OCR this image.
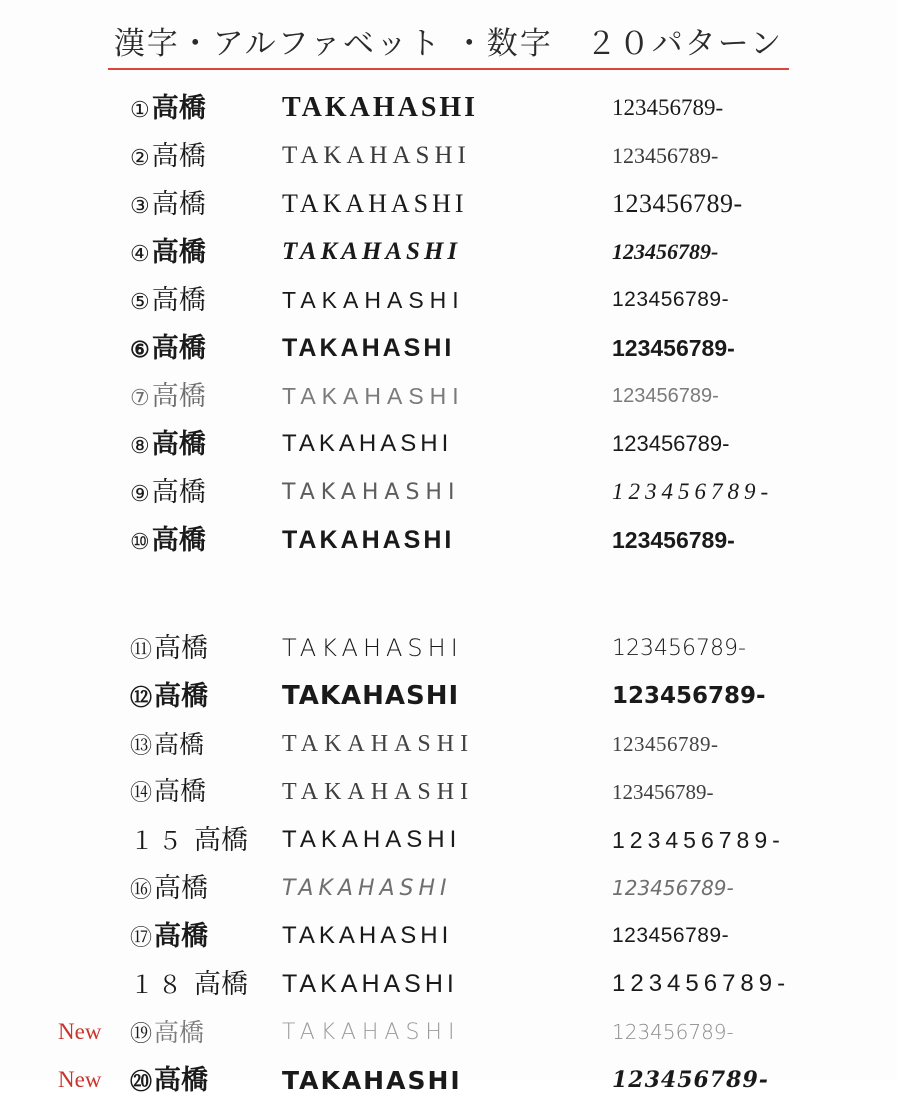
漢字・アルファベット ・数字　２０パターン
① 高橋	TAKAHASHI	123456789-
② 高橋	TAKAHASHI	123456789-
③ 高橋	TAKAHASHI	123456789-
④ 高橋	TAKAHASHI	123456789-
⑤ 高橋	TAKAHASHI	123456789-
⑥ 高橋	TAKAHASHI	123456789-
⑦ 高橋	TAKAHASHI	123456789-
⑧ 高橋	TAKAHASHI	123456789-
⑨ 高橋	TAKAHASHI	123456789-
⑩ 高橋	TAKAHASHI	123456789-
⑪ 高橋	TAKAHASHI	123456789-
⑫ 高橋	TAKAHASHI	123456789-
⑬ 高橋	TAKAHASHI	123456789-
⑭ 高橋	TAKAHASHI	123456789-
１５ 高橋 TAKAHASHI	123456789-
⑯ 高橋	TAKAHASHI	123456789-
⑰ 高橋	TAKAHASHI	123456789-
１８ 高橋 TAKAHASHI	123456789-
New	⑲ 高橋	TAKAHASHI	123456789-
New	⑳ 高橋	TAKAHASHI	123456789-
